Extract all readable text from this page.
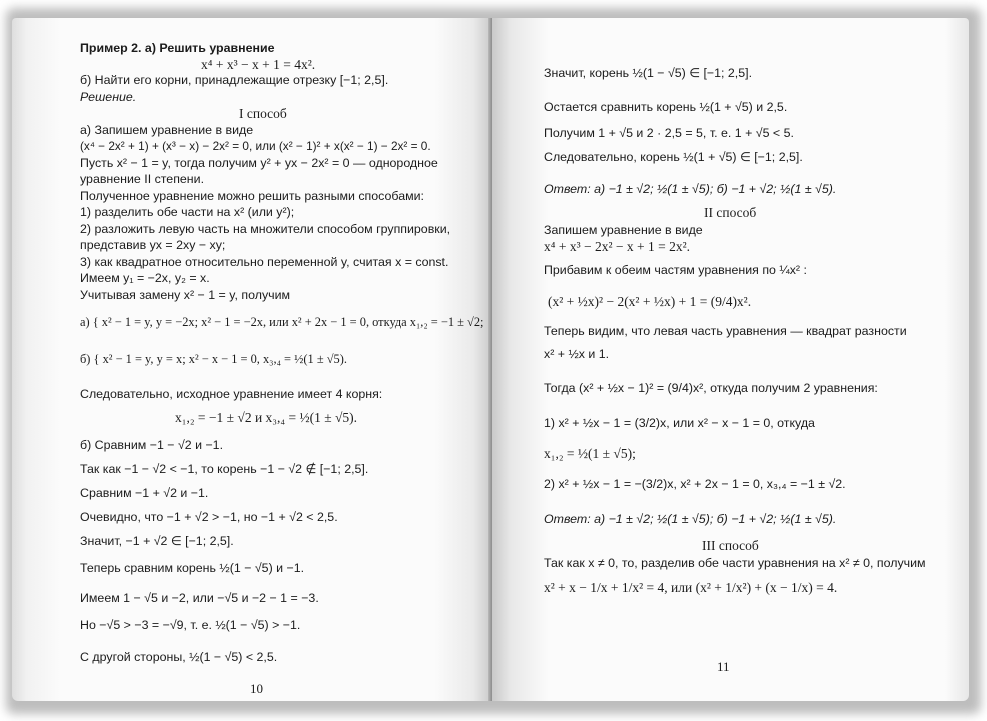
Пример 2. а) Решить уравнение
x⁴ + x³ − x + 1 = 4x².
б) Найти его корни, принадлежащие отрезку [−1; 2,5].
Решение.
I способ
а) Запишем уравнение в виде
(x⁴ − 2x² + 1) + (x³ − x) − 2x² = 0, или (x² − 1)² + x(x² − 1) − 2x² = 0.
Пусть x² − 1 = y, тогда получим y² + yx − 2x² = 0 — однородное
уравнение II степени.
Полученное уравнение можно решить разными способами:
1) разделить обе части на x² (или y²);
2) разложить левую часть на множители способом группировки,
представив yx = 2xy − xy;
3) как квадратное относительно переменной y, считая x = const.
Имеем y₁ = −2x, y₂ = x.
Учитывая замену x² − 1 = y, получим
а) { x² − 1 = y, y = −2x; x² − 1 = −2x, или x² + 2x − 1 = 0, откуда x₁,₂ = −1 ± √2;
б) { x² − 1 = y, y = x; x² − x − 1 = 0, x₃,₄ = ½(1 ± √5).
Следовательно, исходное уравнение имеет 4 корня:
x₁,₂ = −1 ± √2 и x₃,₄ = ½(1 ± √5).
б) Сравним −1 − √2 и −1.
Так как −1 − √2 < −1, то корень −1 − √2 ∉ [−1; 2,5].
Сравним −1 + √2 и −1.
Очевидно, что −1 + √2 > −1, но −1 + √2 < 2,5.
Значит, −1 + √2 ∈ [−1; 2,5].
Теперь сравним корень ½(1 − √5) и −1.
Имеем 1 − √5 и −2, или −√5 и −2 − 1 = −3.
Но −√5 > −3 = −√9, т. е. ½(1 − √5) > −1.
С другой стороны, ½(1 − √5) < 2,5.
10
Значит, корень ½(1 − √5) ∈ [−1; 2,5].
Остается сравнить корень ½(1 + √5) и 2,5.
Получим 1 + √5 и 2 · 2,5 = 5, т. е. 1 + √5 < 5.
Следовательно, корень ½(1 + √5) ∈ [−1; 2,5].
Ответ: а) −1 ± √2; ½(1 ± √5); б) −1 + √2; ½(1 ± √5).
II способ
Запишем уравнение в виде
x⁴ + x³ − 2x² − x + 1 = 2x².
Прибавим к обеим частям уравнения по ¼x² :
(x² + ½x)² − 2(x² + ½x) + 1 = (9/4)x².
Теперь видим, что левая часть уравнения — квадрат разности
x² + ½x и 1.
Тогда (x² + ½x − 1)² = (9/4)x², откуда получим 2 уравнения:
1) x² + ½x − 1 = (3/2)x, или x² − x − 1 = 0, откуда
x₁,₂ = ½(1 ± √5);
2) x² + ½x − 1 = −(3/2)x, x² + 2x − 1 = 0, x₃,₄ = −1 ± √2.
Ответ: а) −1 ± √2; ½(1 ± √5); б) −1 + √2; ½(1 ± √5).
III способ
Так как x ≠ 0, то, разделив обе части уравнения на x² ≠ 0, получим
x² + x − 1/x + 1/x² = 4, или (x² + 1/x²) + (x − 1/x) = 4.
11
